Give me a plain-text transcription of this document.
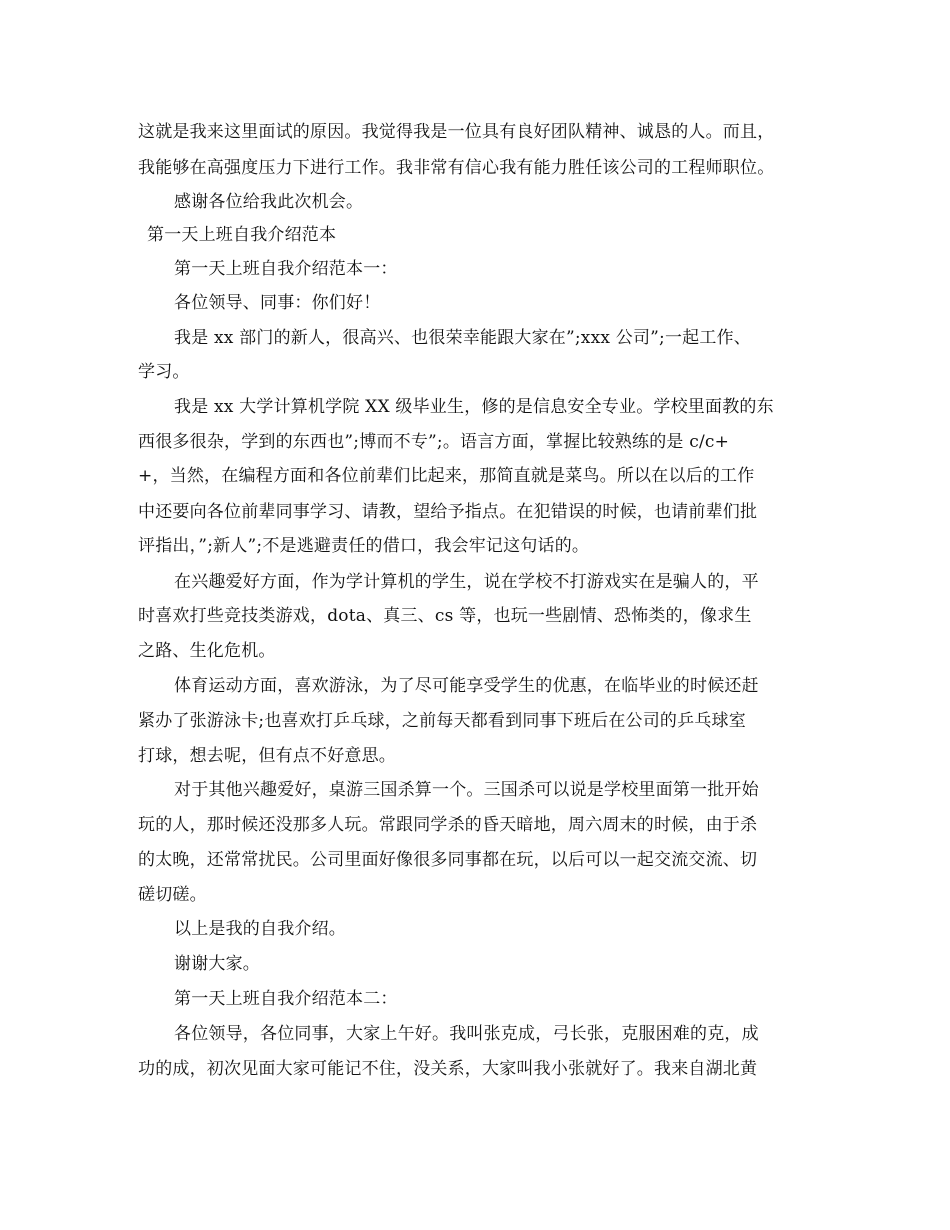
这就是我来这里面试的原因。我觉得我是一位具有良好团队精神、诚恳的人。而且，
我能够在高强度压力下进行工作。我非常有信心我有能力胜任该公司的工程师职位。
感谢各位给我此次机会。
第一天上班自我介绍范本
第一天上班自我介绍范本一：
各位领导、同事：你们好！
我是 xx 部门的新人，很高兴、也很荣幸能跟大家在”;xxx 公司”;一起工作、
学习。
我是 xx 大学计算机学院 XX 级毕业生，修的是信息安全专业。学校里面教的东
西很多很杂，学到的东西也”;博而不专”;。语言方面，掌握比较熟练的是 c/c+
+，当然，在编程方面和各位前辈们比起来，那简直就是菜鸟。所以在以后的工作
中还要向各位前辈同事学习、请教，望给予指点。在犯错误的时候，也请前辈们批
评指出，”;新人”;不是逃避责任的借口，我会牢记这句话的。
在兴趣爱好方面，作为学计算机的学生，说在学校不打游戏实在是骗人的，平
时喜欢打些竞技类游戏，dota、真三、cs 等，也玩一些剧情、恐怖类的，像求生
之路、生化危机。
体育运动方面，喜欢游泳，为了尽可能享受学生的优惠，在临毕业的时候还赶
紧办了张游泳卡;也喜欢打乒乓球，之前每天都看到同事下班后在公司的乒乓球室
打球，想去呢，但有点不好意思。
对于其他兴趣爱好，桌游三国杀算一个。三国杀可以说是学校里面第一批开始
玩的人，那时候还没那多人玩。常跟同学杀的昏天暗地，周六周末的时候，由于杀
的太晚，还常常扰民。公司里面好像很多同事都在玩，以后可以一起交流交流、切
磋切磋。
以上是我的自我介绍。
谢谢大家。
第一天上班自我介绍范本二：
各位领导，各位同事，大家上午好。我叫张克成，弓长张，克服困难的克，成
功的成，初次见面大家可能记不住，没关系，大家叫我小张就好了。我来自湖北黄
